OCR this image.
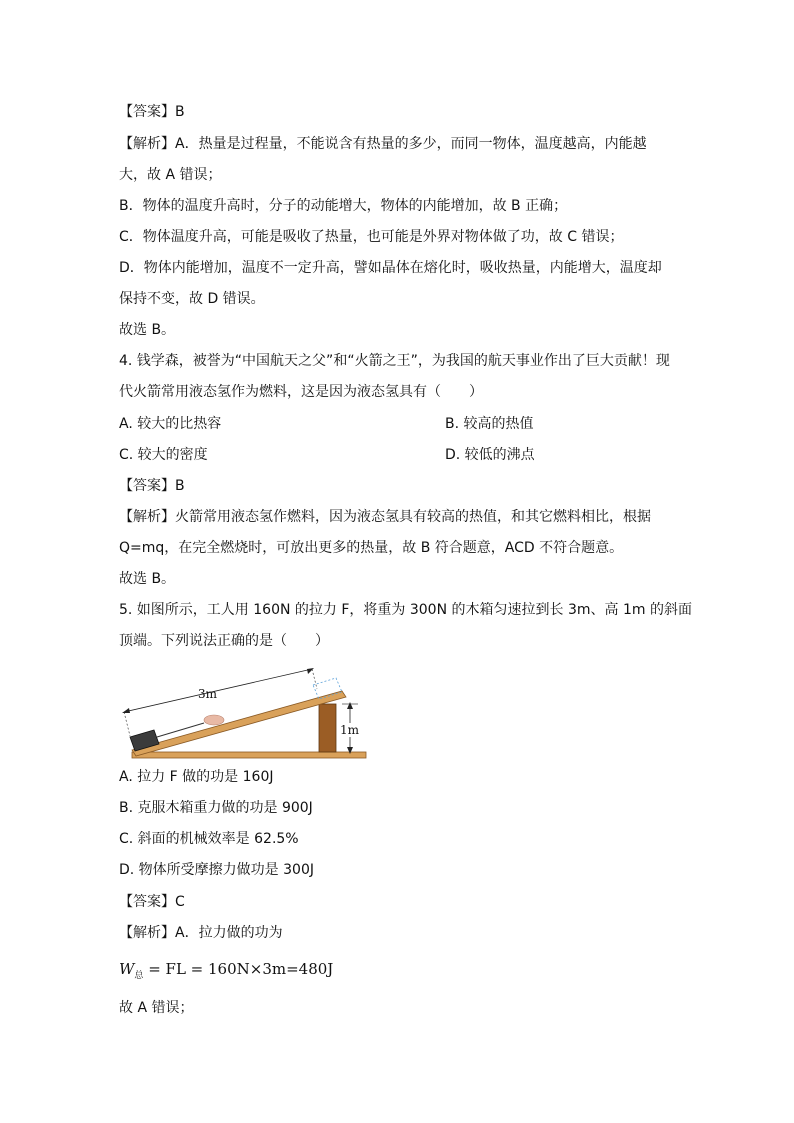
【答案】B
【解析】A．热量是过程量，不能说含有热量的多少，而同一物体，温度越高，内能越
大，故 A 错误；
B．物体的温度升高时，分子的动能增大，物体的内能增加，故 B 正确；
C．物体温度升高，可能是吸收了热量，也可能是外界对物体做了功，故 C 错误；
D．物体内能增加，温度不一定升高，譬如晶体在熔化时，吸收热量，内能增大，温度却
保持不变，故 D 错误。
故选 B。
4. 钱学森，被誉为“中国航天之父”和“火箭之王”，为我国的航天事业作出了巨大贡献！现
代火箭常用液态氢作为燃料，这是因为液态氢具有（　　）
A. 较大的比热容	B. 较高的热值
C. 较大的密度	D. 较低的沸点
【答案】B
【解析】火箭常用液态氢作燃料，因为液态氢具有较高的热值，和其它燃料相比，根据
Q=mq，在完全燃烧时，可放出更多的热量，故 B 符合题意，ACD 不符合题意。
故选 B。
5. 如图所示，工人用 160N 的拉力 F，将重为 300N 的木箱匀速拉到长 3m、高 1m 的斜面
顶端。下列说法正确的是（　　）
3m
1m
A. 拉力 F 做的功是 160J
B. 克服木箱重力做的功是 900J
C. 斜面的机械效率是 62.5%
D. 物体所受摩擦力做功是 300J
【答案】C
【解析】A．拉力做的功为
$W_总$ = FL = 160N×3m=480J
故 A 错误；
